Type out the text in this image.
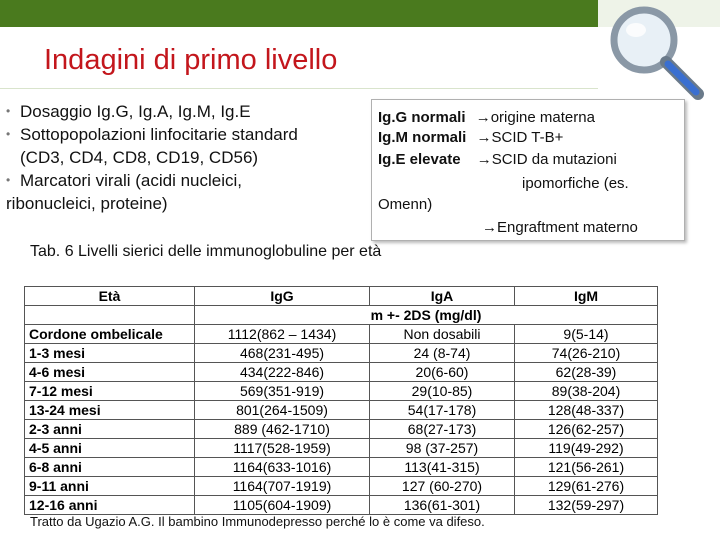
Indagini di primo livello
• Dosaggio Ig.G, Ig.A, Ig.M, Ig.E
• Sottopopolazioni linfocitarie standard
(CD3, CD4, CD8, CD19, CD56)
• Marcatori virali (acidi nucleici,
ribonucleici, proteine)
Ig.G normali →origine materna
Ig.M normali →SCID T-B+
Ig.E elevate →SCID da mutazioni
ipomorfiche (es.
Omenn)
→Engraftment materno
Tab. 6 Livelli sierici delle immunoglobuline per età
Età	IgG	IgA	IgM
	m +- 2DS (mg/dl)		
Cordone ombelicale	1112(862 – 1434)	Non dosabili	9(5-14)
1-3 mesi	468(231-495)	24 (8-74)	74(26-210)
4-6 mesi	434(222-846)	20(6-60)	62(28-39)
7-12 mesi	569(351-919)	29(10-85)	89(38-204)
13-24 mesi	801(264-1509)	54(17-178)	128(48-337)
2-3 anni	889 (462-1710)	68(27-173)	126(62-257)
4-5 anni	1117(528-1959)	98 (37-257)	119(49-292)
6-8 anni	1164(633-1016)	113(41-315)	121(56-261)
9-11 anni	1164(707-1919)	127 (60-270)	129(61-276)
12-16 anni	1105(604-1909)	136(61-301)	132(59-297)
Tratto da Ugazio A.G. Il bambino Immunodepresso perché lo è come va difeso.
